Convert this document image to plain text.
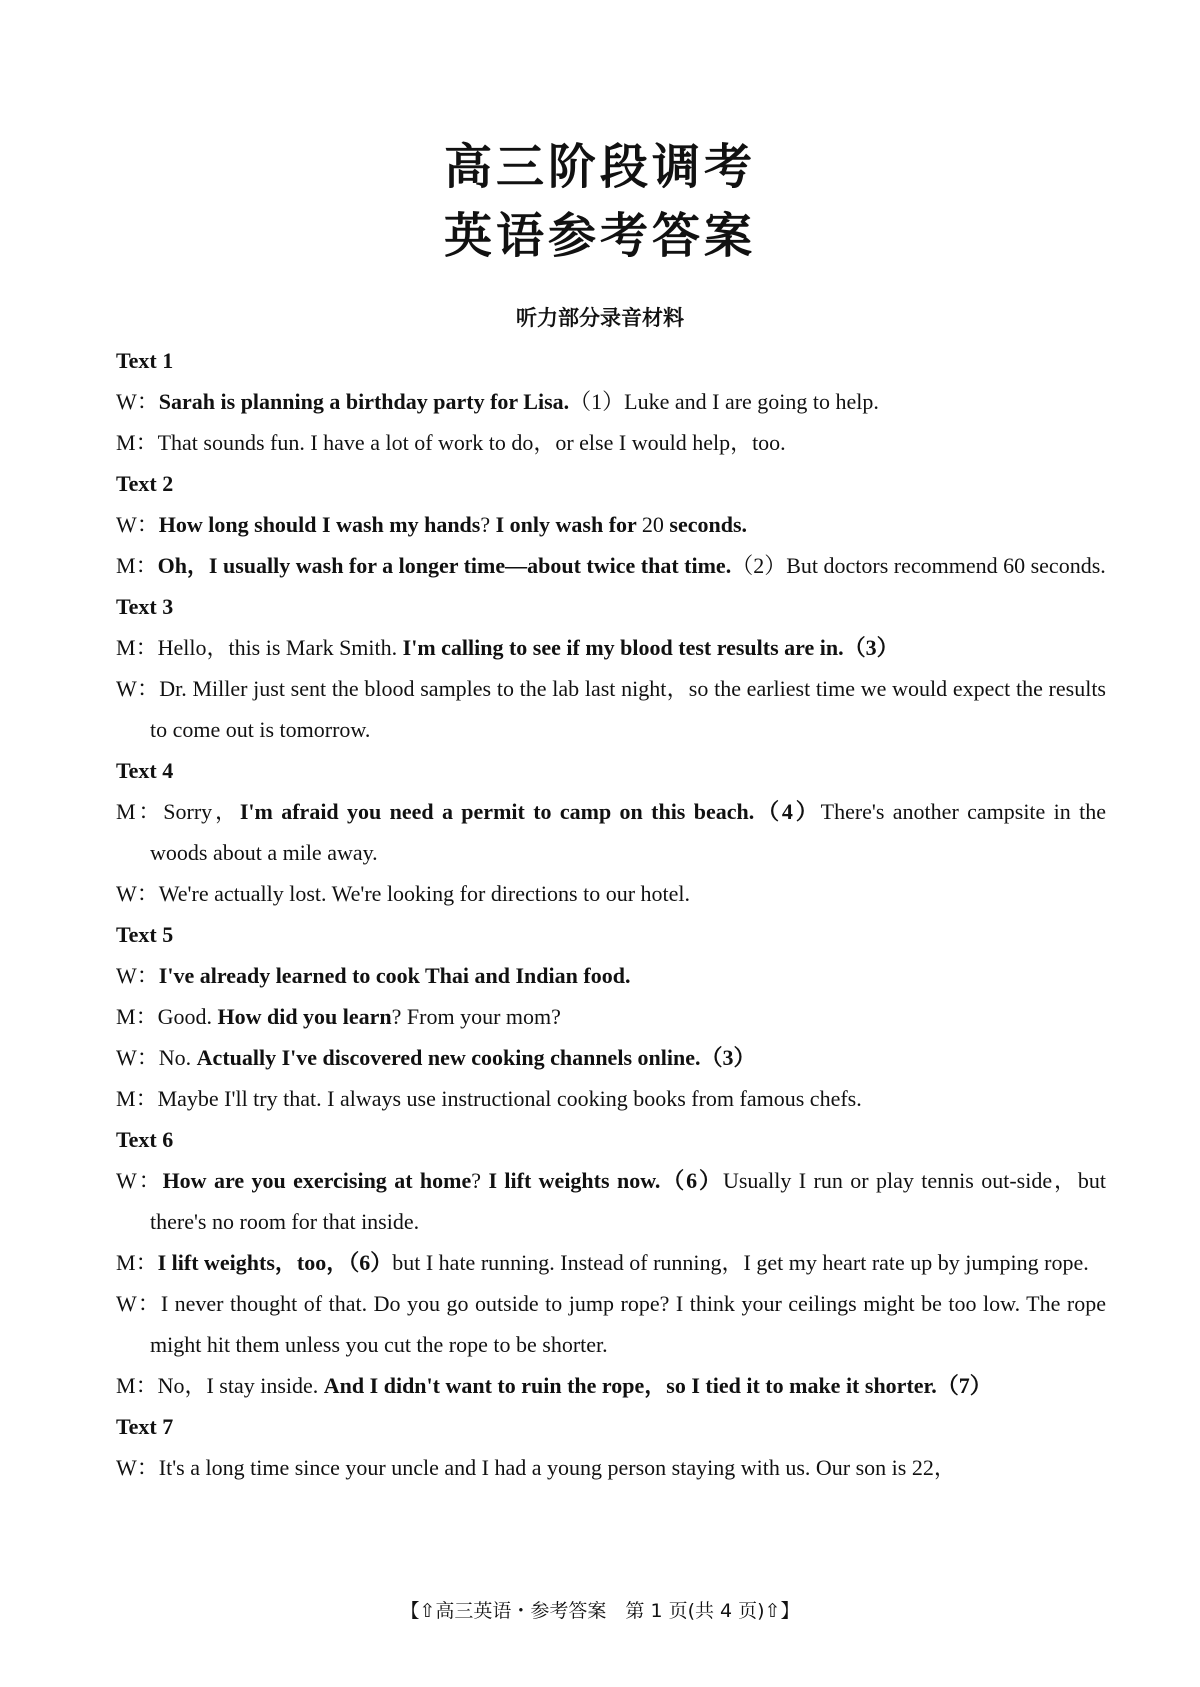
高三阶段调考
英语参考答案
听力部分录音材料
Text 1
W：Sarah is planning a birthday party for Lisa.（1）Luke and I are going to help.
M：That sounds fun. I have a lot of work to do，or else I would help，too.
Text 2
W：How long should I wash my hands? I only wash for 20 seconds.
M：Oh，I usually wash for a longer time—about twice that time.（2）But doctors recommend 60 seconds.
Text 3
M：Hello，this is Mark Smith. I'm calling to see if my blood test results are in.（3）
W：Dr. Miller just sent the blood samples to the lab last night，so the earliest time we would expect the results to come out is tomorrow.
Text 4
M：Sorry，I'm afraid you need a permit to camp on this beach.（4）There's another campsite in the woods about a mile away.
W：We're actually lost. We're looking for directions to our hotel.
Text 5
W：I've already learned to cook Thai and Indian food.
M：Good. How did you learn? From your mom?
W：No. Actually I've discovered new cooking channels online.（3）
M：Maybe I'll try that. I always use instructional cooking books from famous chefs.
Text 6
W：How are you exercising at home? I lift weights now.（6）Usually I run or play tennis out-side，but there's no room for that inside.
M：I lift weights，too，（6）but I hate running. Instead of running，I get my heart rate up by jumping rope.
W：I never thought of that. Do you go outside to jump rope? I think your ceilings might be too low. The rope might hit them unless you cut the rope to be shorter.
M：No，I stay inside. And I didn't want to ruin the rope，so I tied it to make it shorter.（7）
Text 7
W：It's a long time since your uncle and I had a young person staying with us. Our son is 22，
【⇧高三英语・参考答案　第 1 页(共 4 页)⇧】
